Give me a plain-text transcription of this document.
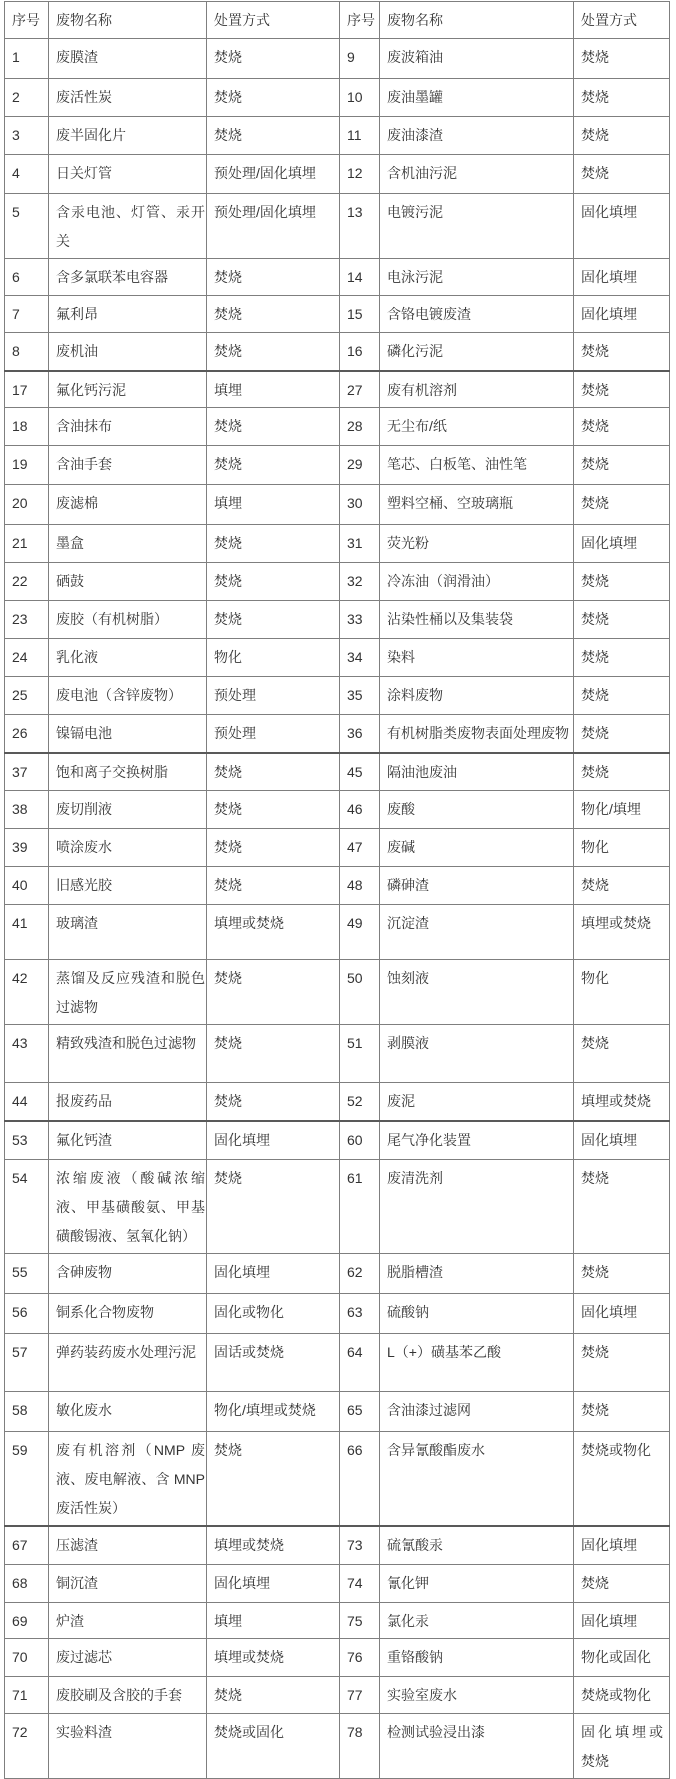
序号	废物名称	处置方式	序号	废物名称	处置方式
1	废膜渣	焚烧	9	废波箱油	焚烧
2	废活性炭	焚烧	10	废油墨罐	焚烧
3	废半固化片	焚烧	11	废油漆渣	焚烧
4	日关灯管	预处理/固化填埋	12	含机油污泥	焚烧
5	含汞电池、灯管、汞开关	预处理/固化填埋	13	电镀污泥	固化填埋
6	含多氯联苯电容器	焚烧	14	电泳污泥	固化填埋
7	氟利昂	焚烧	15	含铬电镀废渣	固化填埋
8	废机油	焚烧	16	磷化污泥	焚烧
17	氟化钙污泥	填埋	27	废有机溶剂	焚烧
18	含油抹布	焚烧	28	无尘布/纸	焚烧
19	含油手套	焚烧	29	笔芯、白板笔、油性笔	焚烧
20	废滤棉	填埋	30	塑料空桶、空玻璃瓶	焚烧
21	墨盒	焚烧	31	荧光粉	固化填埋
22	硒鼓	焚烧	32	冷冻油（润滑油）	焚烧
23	废胶（有机树脂）	焚烧	33	沾染性桶以及集装袋	焚烧
24	乳化液	物化	34	染料	焚烧
25	废电池（含锌废物）	预处理	35	涂料废物	焚烧
26	镍镉电池	预处理	36	有机树脂类废物表面处理废物	焚烧
37	饱和离子交换树脂	焚烧	45	隔油池废油	焚烧
38	废切削液	焚烧	46	废酸	物化/填埋
39	喷涂废水	焚烧	47	废碱	物化
40	旧感光胶	焚烧	48	磷砷渣	焚烧
41	玻璃渣	填埋或焚烧	49	沉淀渣	填埋或焚烧
42	蒸馏及反应残渣和脱色过滤物	焚烧	50	蚀刻液	物化
43	精致残渣和脱色过滤物	焚烧	51	剥膜液	焚烧
44	报废药品	焚烧	52	废泥	填埋或焚烧
53	氟化钙渣	固化填埋	60	尾气净化装置	固化填埋
54	浓缩废液（酸碱浓缩液、甲基磺酸氨、甲基磺酸锡液、氢氧化钠）	焚烧	61	废清洗剂	焚烧
55	含砷废物	固化填埋	62	脱脂槽渣	焚烧
56	铜系化合物废物	固化或物化	63	硫酸钠	固化填埋
57	弹药装药废水处理污泥	固话或焚烧	64	L（+）磺基苯乙酸	焚烧
58	敏化废水	物化/填埋或焚烧	65	含油漆过滤网	焚烧
59	废有机溶剂（NMP 废液、废电解液、含 MNP 废活性炭）	焚烧	66	含异氰酸酯废水	焚烧或物化
67	压滤渣	填埋或焚烧	73	硫氰酸汞	固化填埋
68	铜沉渣	固化填埋	74	氰化钾	焚烧
69	炉渣	填埋	75	氯化汞	固化填埋
70	废过滤芯	填埋或焚烧	76	重铬酸钠	物化或固化
71	废胶刷及含胶的手套	焚烧	77	实验室废水	焚烧或物化
72	实验料渣	焚烧或固化	78	检测试验浸出漆	固化填埋或焚烧
